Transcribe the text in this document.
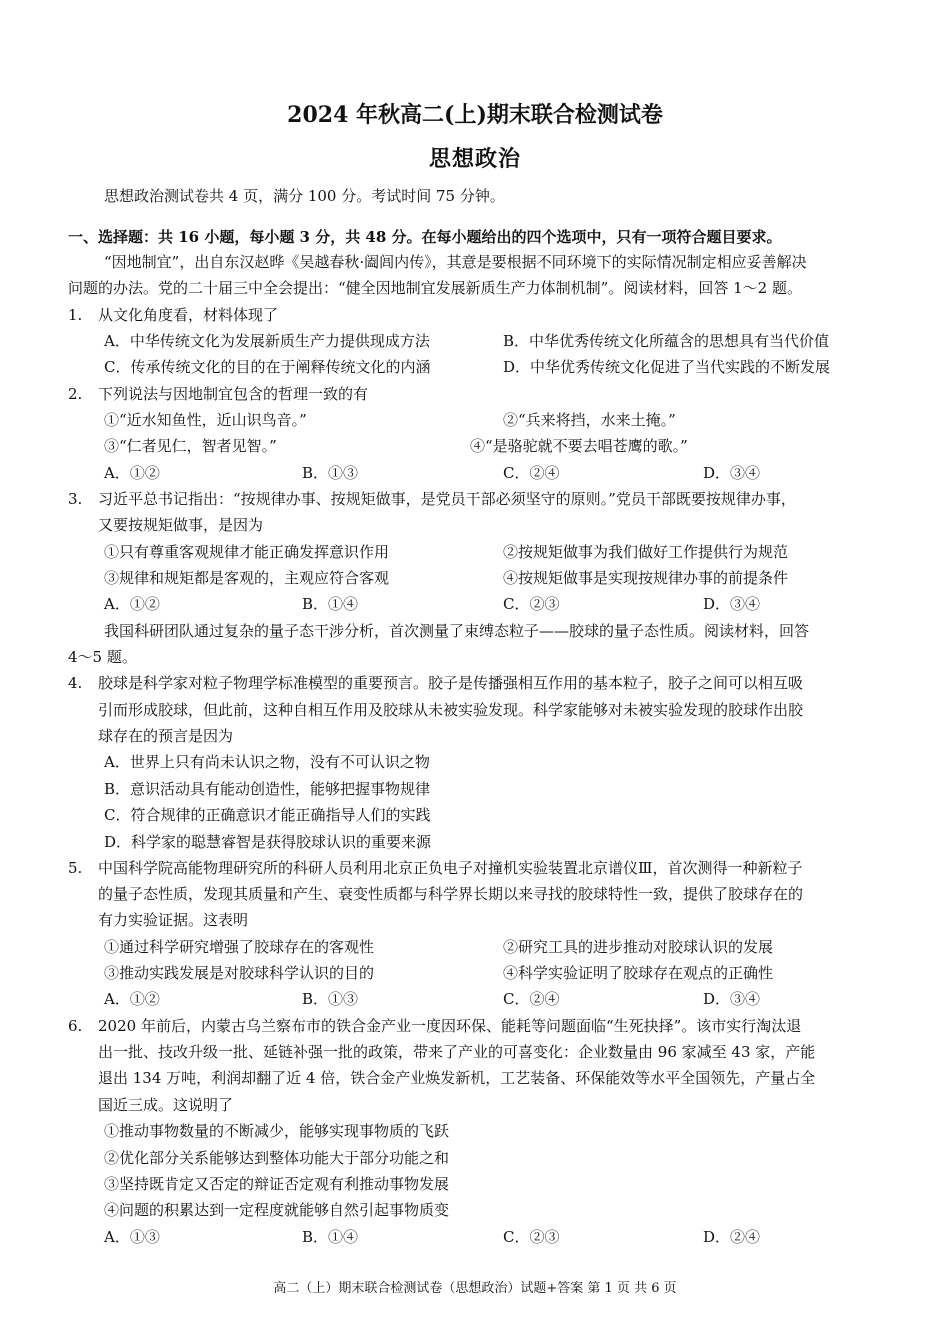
2024 年秋高二(上)期末联合检测试卷
思想政治
思想政治测试卷共 4 页，满分 100 分。考试时间 75 分钟。
一、选择题：共 16 小题，每小题 3 分，共 48 分。在每小题给出的四个选项中，只有一项符合题目要求。
“因地制宜”，出自东汉赵晔《吴越春秋·阖闾内传》，其意是要根据不同环境下的实际情况制定相应妥善解决
问题的办法。党的二十届三中全会提出：“健全因地制宜发展新质生产力体制机制”。阅读材料，回答 1～2 题。
1. 从文化角度看，材料体现了
A．中华传统文化为发展新质生产力提供现成方法	B．中华优秀传统文化所蕴含的思想具有当代价值
C．传承传统文化的目的在于阐释传统文化的内涵	D．中华优秀传统文化促进了当代实践的不断发展
2. 下列说法与因地制宜包含的哲理一致的有
①“近水知鱼性，近山识鸟音。”	②“兵来将挡，水来土掩。”
③“仁者见仁，智者见智。”	④“是骆驼就不要去唱苍鹰的歌。”
A．①②	B．①③	C．②④	D．③④
3. 习近平总书记指出：“按规律办事、按规矩做事，是党员干部必须坚守的原则。”党员干部既要按规律办事，
又要按规矩做事，是因为
①只有尊重客观规律才能正确发挥意识作用	②按规矩做事为我们做好工作提供行为规范
③规律和规矩都是客观的，主观应符合客观	④按规矩做事是实现按规律办事的前提条件
A．①②	B．①④	C．②③	D．③④
我国科研团队通过复杂的量子态干涉分析，首次测量了束缚态粒子——胶球的量子态性质。阅读材料，回答
4～5 题。
4. 胶球是科学家对粒子物理学标准模型的重要预言。胶子是传播强相互作用的基本粒子，胶子之间可以相互吸
引而形成胶球，但此前，这种自相互作用及胶球从未被实验发现。科学家能够对未被实验发现的胶球作出胶
球存在的预言是因为
A．世界上只有尚未认识之物，没有不可认识之物
B．意识活动具有能动创造性，能够把握事物规律
C．符合规律的正确意识才能正确指导人们的实践
D．科学家的聪慧睿智是获得胶球认识的重要来源
5. 中国科学院高能物理研究所的科研人员利用北京正负电子对撞机实验装置北京谱仪Ⅲ，首次测得一种新粒子
的量子态性质，发现其质量和产生、衰变性质都与科学界长期以来寻找的胶球特性一致，提供了胶球存在的
有力实验证据。这表明
①通过科学研究增强了胶球存在的客观性	②研究工具的进步推动对胶球认识的发展
③推动实践发展是对胶球科学认识的目的	④科学实验证明了胶球存在观点的正确性
A．①②	B．①③	C．②④	D．③④
6. 2020 年前后，内蒙古乌兰察布市的铁合金产业一度因环保、能耗等问题面临“生死抉择”。该市实行淘汰退
出一批、技改升级一批、延链补强一批的政策，带来了产业的可喜变化：企业数量由 96 家减至 43 家，产能
退出 134 万吨，利润却翻了近 4 倍，铁合金产业焕发新机，工艺装备、环保能效等水平全国领先，产量占全
国近三成。这说明了
①推动事物数量的不断减少，能够实现事物质的飞跃
②优化部分关系能够达到整体功能大于部分功能之和
③坚持既肯定又否定的辩证否定观有利推动事物发展
④问题的积累达到一定程度就能够自然引起事物质变
A．①③	B．①④	C．②③	D．②④
高二（上）期末联合检测试卷（思想政治）试题+答案 第 1 页 共 6 页
